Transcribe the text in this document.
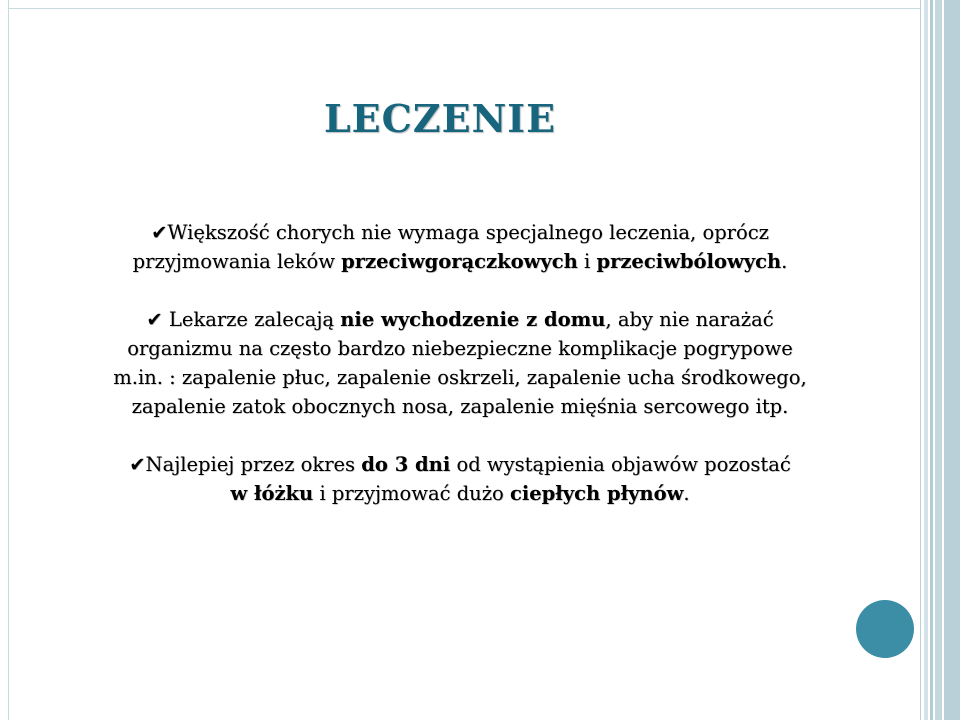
LECZENIE
✔Większość chorych nie wymaga specjalnego leczenia, oprócz
przyjmowania leków przeciwgorączkowych i przeciwbólowych.
✔ Lekarze zalecają nie wychodzenie z domu, aby nie narażać
organizmu na często bardzo niebezpieczne komplikacje pogrypowe
m.in. : zapalenie płuc, zapalenie oskrzeli, zapalenie ucha środkowego,
zapalenie zatok obocznych nosa, zapalenie mięśnia sercowego itp.
✔Najlepiej przez okres do 3 dni od wystąpienia objawów pozostać
w łóżku i przyjmować dużo ciepłych płynów.
